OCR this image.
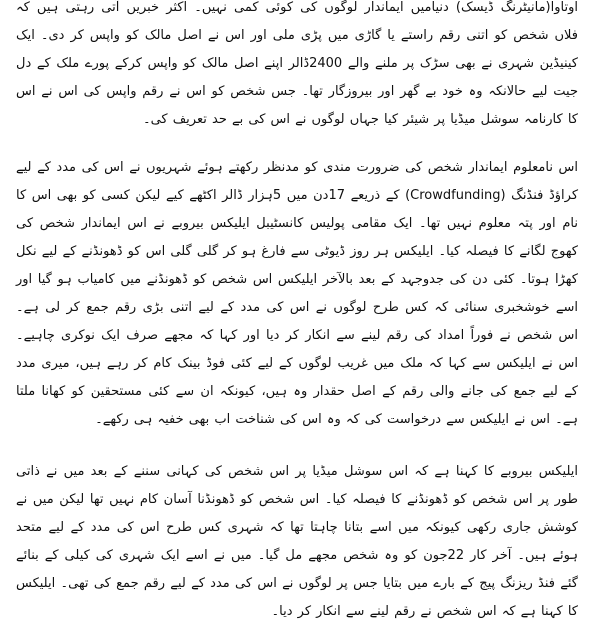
اوتاوا(مانیٹرنگ ڈیسک) دنیامیں ایماندار لوگوں کی کوئی کمی نہیں۔ اکثر خبریں آتی رہتی ہیں کہ فلاں شخص کو اتنی رقم راستے یا گاڑی میں پڑی ملی اور اس نے اصل مالک کو واپس کر دی۔ ایک کینیڈین شہری نے بھی سڑک پر ملنے والے 2400ڈالر اپنے اصل مالک کو واپس کرکے پورے ملک کے دل جیت لیے حالانکہ وہ خود بے گھر اور بیروزگار تھا۔ جس شخص کو اس نے رقم واپس کی اس نے اس کا کارنامہ سوشل میڈیا پر شیئر کیا جہاں لوگوں نے اس کی بے حد تعریف کی۔

اس نامعلوم ایماندار شخص کی ضرورت مندی کو مدنظر رکھتے ہوئے شہریوں نے اس کی مدد کے لیے کراؤڈ فنڈنگ (Crowdfunding) کے ذریعے 17دن میں 5ہزار ڈالر اکٹھے کیے لیکن کسی کو بھی اس کا نام اور پتہ معلوم نہیں تھا۔ ایک مقامی پولیس کانسٹیبل ایلیکس بیروبے نے اس ایماندار شخص کی کھوج لگانے کا فیصلہ کیا۔ ایلیکس ہر روز ڈیوٹی سے فارغ ہو کر گلی گلی اس کو ڈھونڈنے کے لیے نکل کھڑا ہوتا۔ کئی دن کی جدوجہد کے بعد بالآخر ایلیکس اس شخص کو ڈھونڈنے میں کامیاب ہو گیا اور اسے خوشخبری سنائی کہ کس طرح لوگوں نے اس کی مدد کے لیے اتنی بڑی رقم جمع کر لی ہے۔ اس شخص نے فوراً امداد کی رقم لینے سے انکار کر دیا اور کہا کہ مجھے صرف ایک نوکری چاہیے۔ اس نے ایلیکس سے کہا کہ ملک میں غریب لوگوں کے لیے کئی فوڈ بینک کام کر رہے ہیں، میری مدد کے لیے جمع کی جانے والی رقم کے اصل حقدار وہ ہیں، کیونکہ ان سے کئی مستحقین کو کھانا ملتا ہے۔ اس نے ایلیکس سے درخواست کی کہ وہ اس کی شناخت اب بھی خفیہ ہی رکھے۔

ایلیکس بیروبے کا کہنا ہے کہ اس سوشل میڈیا پر اس شخص کی کہانی سننے کے بعد میں نے ذاتی طور پر اس شخص کو ڈھونڈنے کا فیصلہ کیا۔ اس شخص کو ڈھونڈنا آسان کام نہیں تھا لیکن میں نے کوشش جاری رکھی کیونکہ میں اسے بتانا چاہتا تھا کہ شہری کس طرح اس کی مدد کے لیے متحد ہوئے ہیں۔ آخر کار 22جون کو وہ شخص مجھے مل گیا۔ میں نے اسے ایک شہری کی کیلی کے بنائے گئے فنڈ ریزنگ پیج کے بارے میں بتایا جس پر لوگوں نے اس کی مدد کے لیے رقم جمع کی تھی۔ ایلیکس کا کہنا ہے کہ اس شخص نے رقم لینے سے انکار کر دیا۔
